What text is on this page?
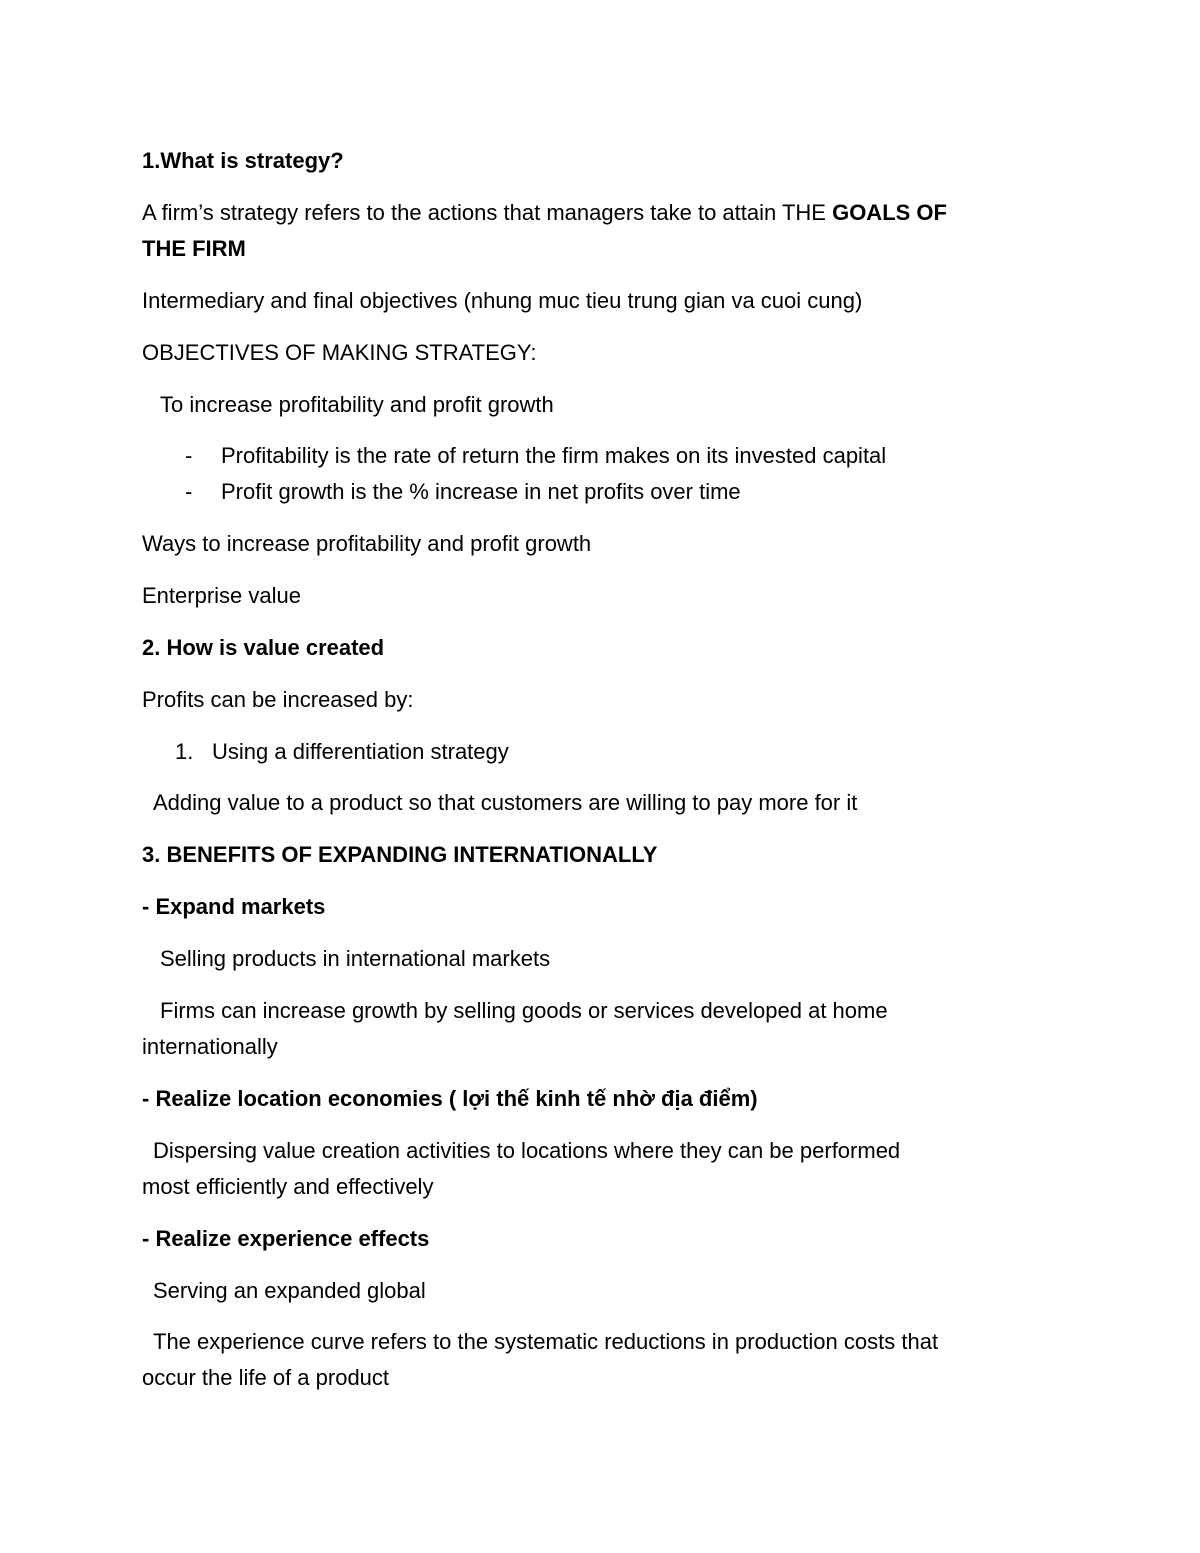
1.What is strategy?
A firm’s strategy refers to the actions that managers take to attain THE GOALS OF
THE FIRM
Intermediary and final objectives (nhung muc tieu trung gian va cuoi cung)
OBJECTIVES OF MAKING STRATEGY:
To increase profitability and profit growth
- Profitability is the rate of return the firm makes on its invested capital
- Profit growth is the % increase in net profits over time
Ways to increase profitability and profit growth
Enterprise value
2. How is value created
Profits can be increased by:
1. Using a differentiation strategy
Adding value to a product so that customers are willing to pay more for it
3. BENEFITS OF EXPANDING INTERNATIONALLY
- Expand markets
Selling products in international markets
Firms can increase growth by selling goods or services developed at home
internationally
- Realize location economies ( lợi thế kinh tế nhờ địa điểm)
Dispersing value creation activities to locations where they can be performed
most efficiently and effectively
- Realize experience effects
Serving an expanded global
The experience curve refers to the systematic reductions in production costs that
occur the life of a product
